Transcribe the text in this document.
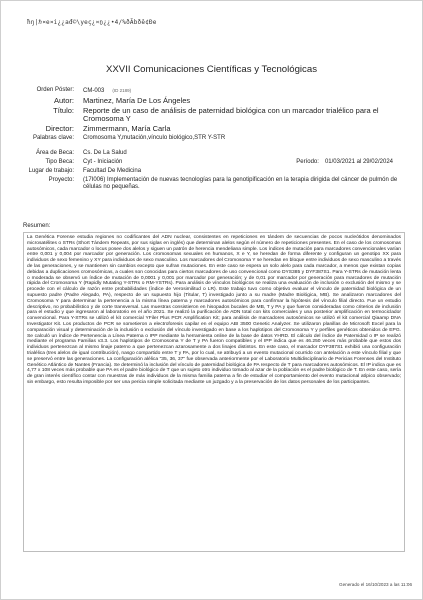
ħŋ|ℏ¤e¤i¿¿ađ©\yeç¿¤ṉ¿¿•4/%ðÃbðê¢Ðe
XXVII Comunicaciones Científicas y Tecnológicas
Orden Póster:	CM-003 (ID 2189)
Autor:	Martinez, María De Los Ángeles
Título:	Reporte de un caso de análisis de paternidad biológica con un marcador trialélico para el Cromosoma Y
Director:	Zimmermann, María Carla
Palabras clave:	Cromosoma Y,mutación,vínculo biológico,STR Y-STR
Área de Beca:	Cs. De La Salud
Tipo Beca:	Cyt - Iniciación	Período: 01/03/2021 al 29/02/2024
Lugar de trabajo:	Facultad De Medicina
Proyecto:	(17I006) Implementación de nuevas tecnologías para la genotipificación en la terapia dirigida del cáncer de pulmón de células no pequeñas.
Resumen:
La Genética Forense estudia regiones no codificantes del ADN nuclear, consistentes en repeticiones en tándem de secuencias de pocos nucleótidos denominados microsatélites o STRs (Short Tándem Repeats, por sus siglas en inglés) que determinan alelos según el número de repeticiones presentes. En el caso de los cromosomas autosómicos, cada marcador o locus posee dos alelos y siguen un patrón de herencia mendeliana simple. Los índices de mutación para marcadores convencionales varían entre 0,001 y 0,004 por marcador por generación. Los cromosomas sexuales en humanos, X e Y, se heredan de forma diferente y configuran un genotipo XX para individuos de sexo femenino y XY para individuos de sexo masculino. Los marcadores del Cromosoma Y se heredan en bloque entre individuos de sexo masculino a través de las generaciones, y se mantienen sin cambios excepto que sufran mutaciones. En este caso se espera un solo alelo para cada marcador, a menos que existan copias debidas a duplicaciones cromosómicas, a cuales son conocidas para ciertos marcadores de uso convencional como DYS385 y DYF387S1. Para Y-STRs de mutación lenta o moderada se observó un índice de mutación de 0,0001 y 0,001 por marcador por generación; y de 0,01 por marcador por generación para marcadores de mutación rápida del Cromosoma Y (Rapidly Mutating Y-STRs o RM-YSTRs). Para análisis de vínculos biológicos se realiza una evaluación de inclusión o exclusión del mismo y se procede con el cálculo de razón entre probabilidades (índice de Verosimilitud o LR). Este trabajo tuvo como objetivo evaluar el vínculo de paternidad biológica de un supuesto padre (Padre Alegado, PA), respecto de un supuesto hijo (Titular, T) investigado junto a su madre (Madre Biológica, MB). Se analizaron marcadores del Cromosoma Y para determinar la pertenencia a la misma línea paterna y marcadores autosómicos para confirmar la hipótesis del vínculo filial directo. Fue un estudio descriptivo, no probabilístico y de corte transversal. Las muestras consistieron en hisopados bucales de MB, T y PA y que fueron consideradas como criterios de inclusión para el estudio y que ingresaron al laboratorio en el año 2021. Se realizó la purificación de ADN total con kits comerciales y una posterior amplificación en termociclador convencional. Para Y-STRs se utilizó el kit comercial YFiler Plus PCR Amplification Kit; para análisis de marcadores autosómicos se utilizó el kit comercial Qiaamp DNA Investigator Kit. Los productos de PCR se sometieron a electroforesis capilar en el equipo ABI 3500 Genetic Analyzer. Se utilizaron planillas de Microsoft Excel para la comparación visual y determinación de la inclusión o exclusión del vínculo investigado en base a los haplotipos del Cromosoma Y y perfiles genéticos obtenidos de EPG. Se calculó un índice de Pertenencia a Línea Paterna o IPP mediante la herramienta online de la base de datos YHRD. El cálculo del índice de Paternidad o IP se realizó mediante el programa Familias v3.3. Los haplotipos de Cromosoma Y de T y PA fueron compatibles y el IPP indica que es 46.250 veces más probable que estos dos individuos pertenezcan al mismo linaje paterno a que pertenezcan azarosamente a dos linajes distintos. En este caso, el marcador DYF387S1 exhibió una configuración trialélica (tres alelos de igual contribución), nasgo compartido entre T y PA, por lo cual, se atribuyó a un evento mutacional ocurrido con antelación a este vínculo filial y que se preservó entre las generaciones. La configuración alélica "35, 36, 37" fue observada anteriormente por el Laboratorio Multidisciplinario de Pericias Forenses del Instituto Genético Atlántico de Nantes (Francia). Se determinó la inclusión del vínculo de paternidad biológica de PA respecto de T para marcadores autosómicos. El IP indica que es 4,77 x 108 veces más probable que PA es el padre biológico de T que un sujeto otro individuo tomado al azar de la población es el padre biológico de T. En este caso, sería de gran interés científico contar con muestras de más individuos de la misma familia paterna a fin de estudiar el comportamiento del evento mutacional atípico observado; sin embargo, esto resulta imposible por ser una pericia simple solicitada mediante un juzgado y a la preservación de los datos personales de los participantes.
Generado el 16/10/2023 a las 11:06
